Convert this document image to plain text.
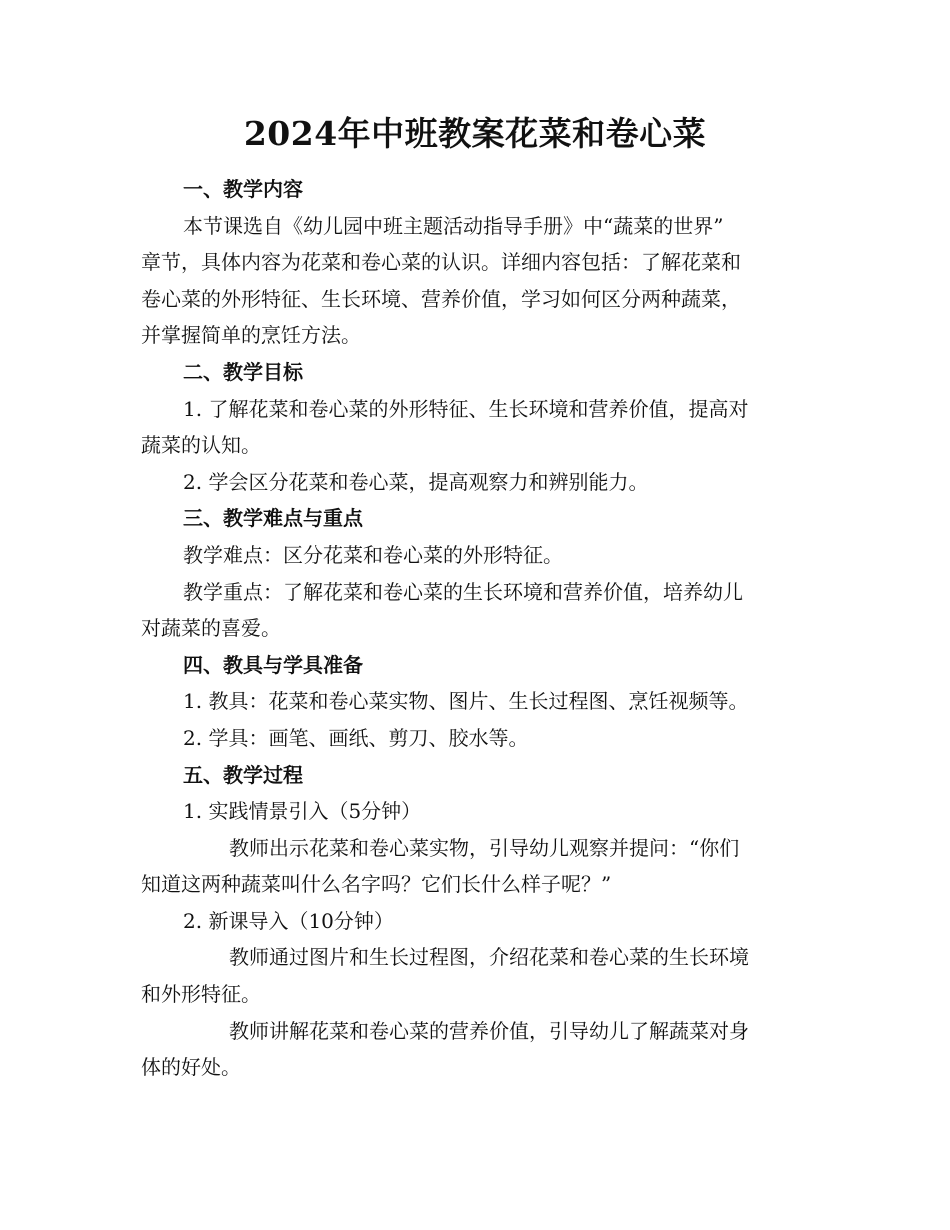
2024年中班教案花菜和卷心菜
一、教学内容
本节课选自《幼儿园中班主题活动指导手册》中“蔬菜的世界”
章节，具体内容为花菜和卷心菜的认识。详细内容包括：了解花菜和
卷心菜的外形特征、生长环境、营养价值，学习如何区分两种蔬菜，
并掌握简单的烹饪方法。
二、教学目标
1. 了解花菜和卷心菜的外形特征、生长环境和营养价值，提高对
蔬菜的认知。
2. 学会区分花菜和卷心菜，提高观察力和辨别能力。
三、教学难点与重点
教学难点：区分花菜和卷心菜的外形特征。
教学重点：了解花菜和卷心菜的生长环境和营养价值，培养幼儿
对蔬菜的喜爱。
四、教具与学具准备
1. 教具：花菜和卷心菜实物、图片、生长过程图、烹饪视频等。
2. 学具：画笔、画纸、剪刀、胶水等。
五、教学过程
1. 实践情景引入（5分钟）
教师出示花菜和卷心菜实物，引导幼儿观察并提问：“你们
知道这两种蔬菜叫什么名字吗？它们长什么样子呢？”
2. 新课导入（10分钟）
教师通过图片和生长过程图，介绍花菜和卷心菜的生长环境
和外形特征。
教师讲解花菜和卷心菜的营养价值，引导幼儿了解蔬菜对身
体的好处。
